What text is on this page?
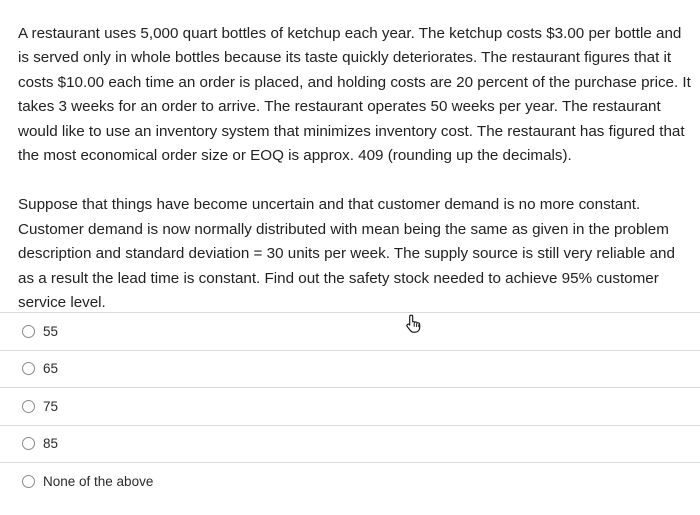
A restaurant uses 5,000 quart bottles of ketchup each year. The ketchup costs $3.00 per bottle and is served only in whole bottles because its taste quickly deteriorates. The restaurant figures that it costs $10.00 each time an order is placed, and holding costs are 20 percent of the purchase price. It takes 3 weeks for an order to arrive. The restaurant operates 50 weeks per year. The restaurant would like to use an inventory system that minimizes inventory cost. The restaurant has figured that the most economical order size or EOQ is approx. 409 (rounding up the decimals).

Suppose that things have become uncertain and that customer demand is no more constant. Customer demand is now normally distributed with mean being the same as given in the problem description and standard deviation = 30 units per week. The supply source is still very reliable and as a result the lead time is constant. Find out the safety stock needed to achieve 95% customer service level.

55
65
75
85
None of the above
